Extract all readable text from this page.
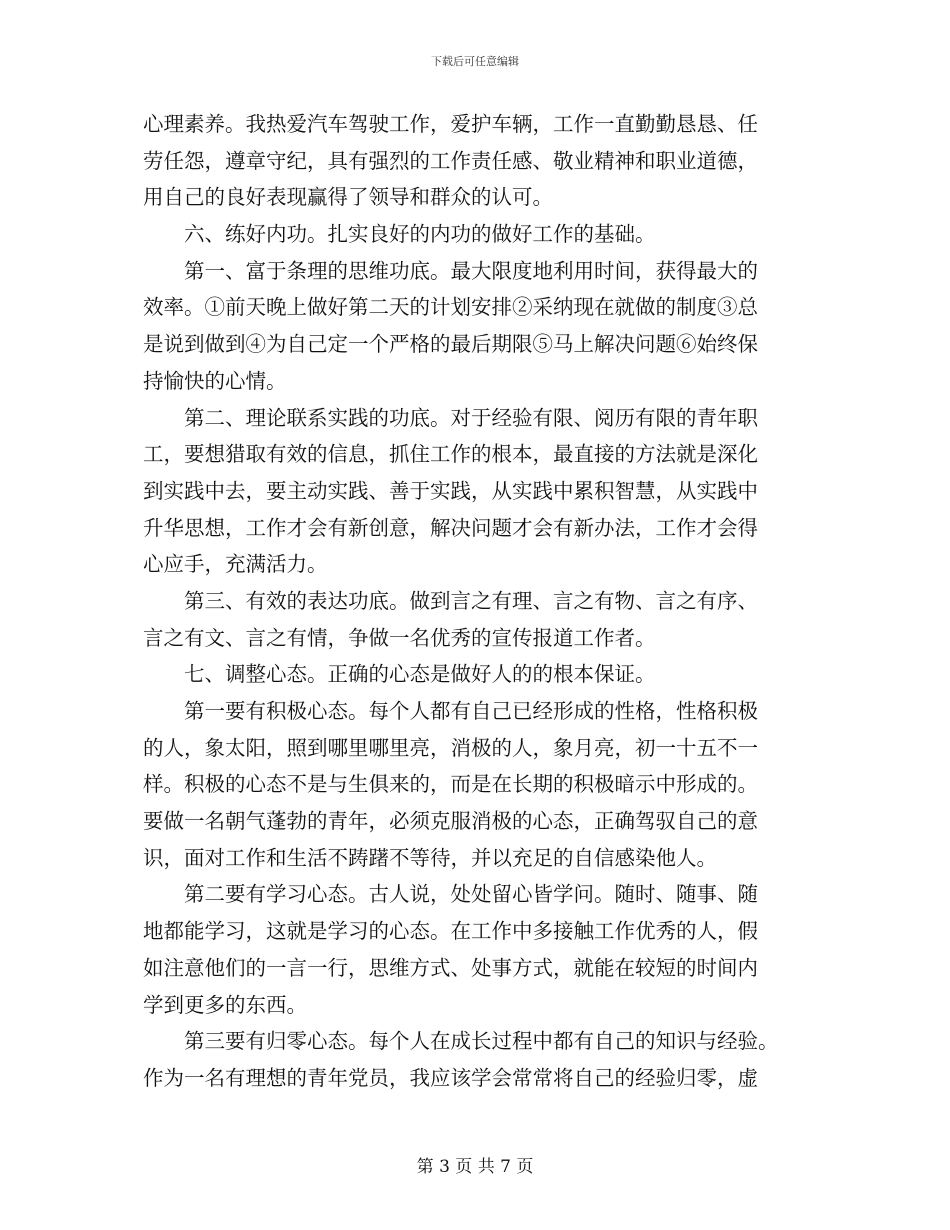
下载后可任意编辑
心理素养。我热爱汽车驾驶工作，爱护车辆，工作一直勤勤恳恳、任
劳任怨，遵章守纪，具有强烈的工作责任感、敬业精神和职业道德，
用自己的良好表现赢得了领导和群众的认可。
　　六、练好内功。扎实良好的内功的做好工作的基础。
　　第一、富于条理的思维功底。最大限度地利用时间，获得最大的
效率。①前天晚上做好第二天的计划安排②采纳现在就做的制度③总
是说到做到④为自己定一个严格的最后期限⑤马上解决问题⑥始终保
持愉快的心情。
　　第二、理论联系实践的功底。对于经验有限、阅历有限的青年职
工，要想猎取有效的信息，抓住工作的根本，最直接的方法就是深化
到实践中去，要主动实践、善于实践，从实践中累积智慧，从实践中
升华思想，工作才会有新创意，解决问题才会有新办法，工作才会得
心应手，充满活力。
　　第三、有效的表达功底。做到言之有理、言之有物、言之有序、
言之有文、言之有情，争做一名优秀的宣传报道工作者。
　　七、调整心态。正确的心态是做好人的的根本保证。
　　第一要有积极心态。每个人都有自己已经形成的性格，性格积极
的人，象太阳，照到哪里哪里亮，消极的人，象月亮，初一十五不一
样。积极的心态不是与生俱来的，而是在长期的积极暗示中形成的。
要做一名朝气蓬勃的青年，必须克服消极的心态，正确驾驭自己的意
识，面对工作和生活不踌躇不等待，并以充足的自信感染他人。
　　第二要有学习心态。古人说，处处留心皆学问。随时、随事、随
地都能学习，这就是学习的心态。在工作中多接触工作优秀的人，假
如注意他们的一言一行，思维方式、处事方式，就能在较短的时间内
学到更多的东西。
　　第三要有归零心态。每个人在成长过程中都有自己的知识与经验。
作为一名有理想的青年党员，我应该学会常常将自己的经验归零，虚
第 3 页 共 7 页
